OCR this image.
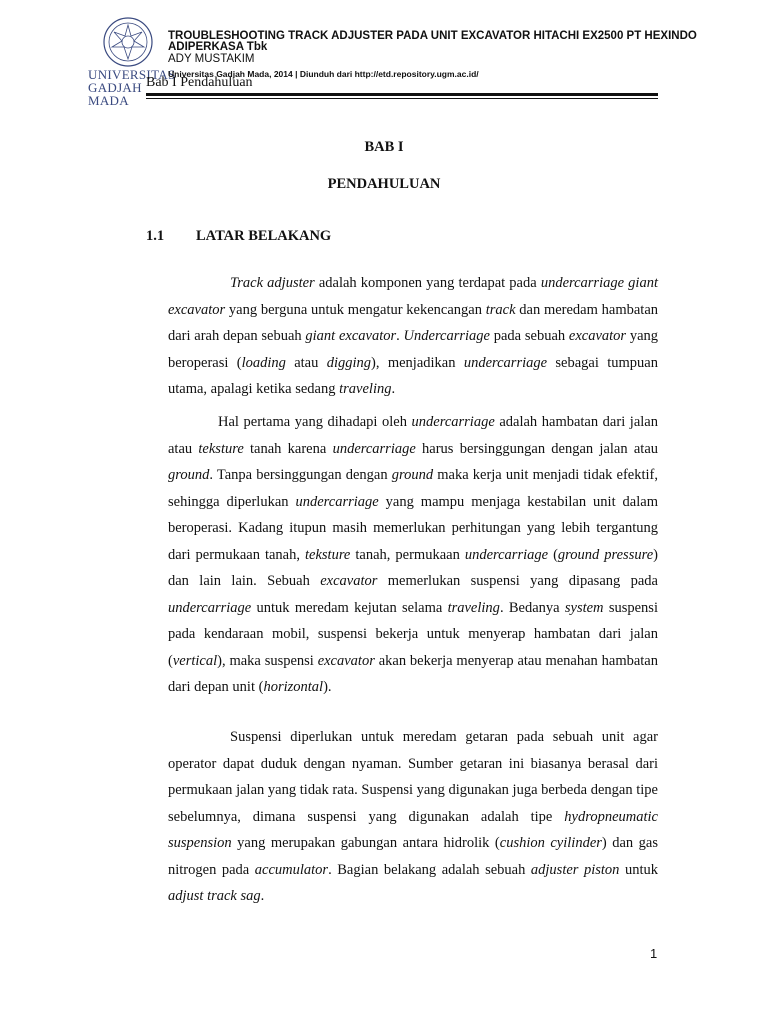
UNIVERSITAS
GADJAH MADA
TROUBLESHOOTING TRACK ADJUSTER PADA UNIT EXCAVATOR HITACHI EX2500 PT HEXINDO ADIPERKASA Tbk
ADY MUSTAKIM
Universitas Gadjah Mada, 2014 | Diunduh dari http://etd.repository.ugm.ac.id/
Bab I Pendahuluan
BAB I
PENDAHULUAN
1.1 LATAR BELAKANG

Track adjuster adalah komponen yang terdapat pada undercarriage giant excavator yang berguna untuk mengatur kekencangan track dan meredam hambatan dari arah depan sebuah giant excavator. Undercarriage pada sebuah excavator yang beroperasi (loading atau digging), menjadikan undercarriage sebagai tumpuan utama, apalagi ketika sedang traveling.

Hal pertama yang dihadapi oleh undercarriage adalah hambatan dari jalan atau teksture tanah karena undercarriage harus bersinggungan dengan jalan atau ground. Tanpa bersinggungan dengan ground maka kerja unit menjadi tidak efektif, sehingga diperlukan undercarriage yang mampu menjaga kestabilan unit dalam beroperasi. Kadang itupun masih memerlukan perhitungan yang lebih tergantung dari permukaan tanah, teksture tanah, permukaan undercarriage (ground pressure) dan lain lain. Sebuah excavator memerlukan suspensi yang dipasang pada undercarriage untuk meredam kejutan selama traveling. Bedanya system suspensi pada kendaraan mobil, suspensi bekerja untuk menyerap hambatan dari jalan (vertical), maka suspensi excavator akan bekerja menyerap atau menahan hambatan dari depan unit (horizontal).

Suspensi diperlukan untuk meredam getaran pada sebuah unit agar operator dapat duduk dengan nyaman. Sumber getaran ini biasanya berasal dari permukaan jalan yang tidak rata. Suspensi yang digunakan juga berbeda dengan tipe sebelumnya, dimana suspensi yang digunakan adalah tipe hydropneumatic suspension yang merupakan gabungan antara hidrolik (cushion cyilinder) dan gas nitrogen pada accumulator. Bagian belakang adalah sebuah adjuster piston untuk adjust track sag.

1
